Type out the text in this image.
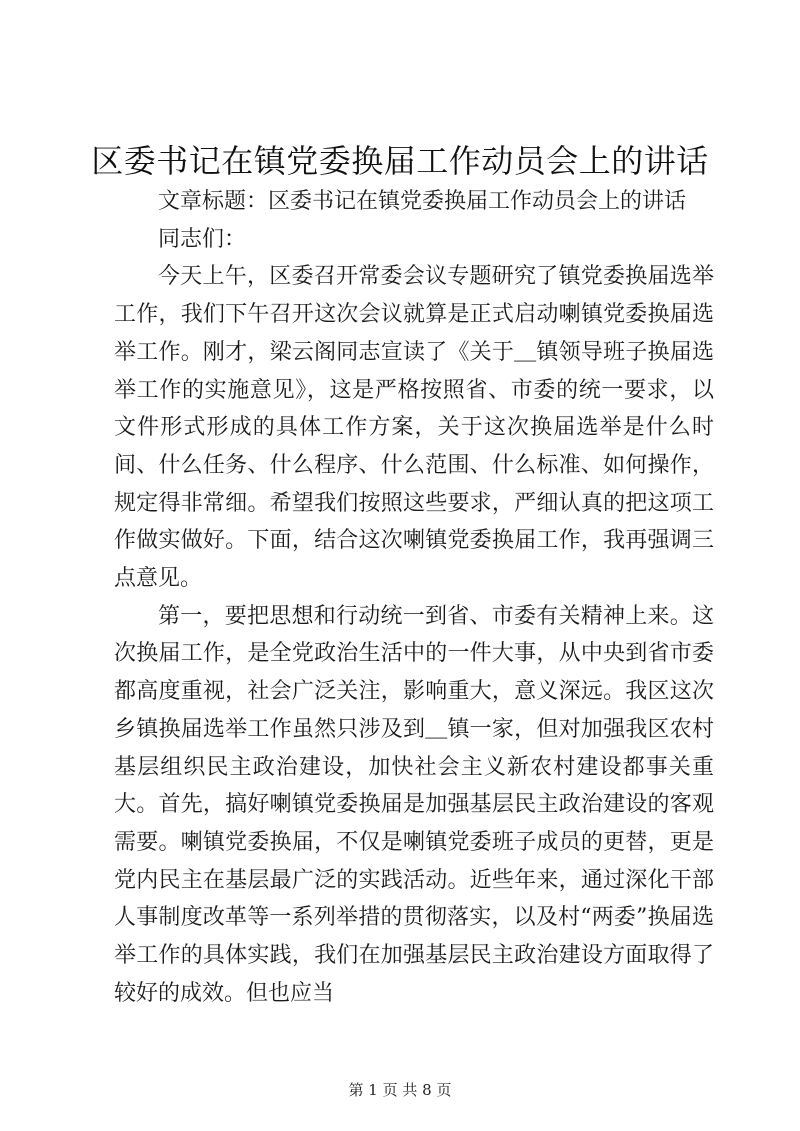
区委书记在镇党委换届工作动员会上的讲话

文章标题：区委书记在镇党委换届工作动员会上的讲话

同志们：

今天上午，区委召开常委会议专题研究了镇党委换届选举工作，我们下午召开这次会议就算是正式启动喇镇党委换届选举工作。刚才，梁云阁同志宣读了《关于＿镇领导班子换届选举工作的实施意见》，这是严格按照省、市委的统一要求，以文件形式形成的具体工作方案，关于这次换届选举是什么时间、什么任务、什么程序、什么范围、什么标准、如何操作，规定得非常细。希望我们按照这些要求，严细认真的把这项工作做实做好。下面，结合这次喇镇党委换届工作，我再强调三点意见。

第一，要把思想和行动统一到省、市委有关精神上来。这次换届工作，是全党政治生活中的一件大事，从中央到省市委都高度重视，社会广泛关注，影响重大，意义深远。我区这次乡镇换届选举工作虽然只涉及到＿镇一家，但对加强我区农村基层组织民主政治建设，加快社会主义新农村建设都事关重大。首先，搞好喇镇党委换届是加强基层民主政治建设的客观需要。喇镇党委换届，不仅是喇镇党委班子成员的更替，更是党内民主在基层最广泛的实践活动。近些年来，通过深化干部人事制度改革等一系列举措的贯彻落实，以及村“两委”换届选举工作的具体实践，我们在加强基层民主政治建设方面取得了较好的成效。但也应当

第 1 页 共 8 页
